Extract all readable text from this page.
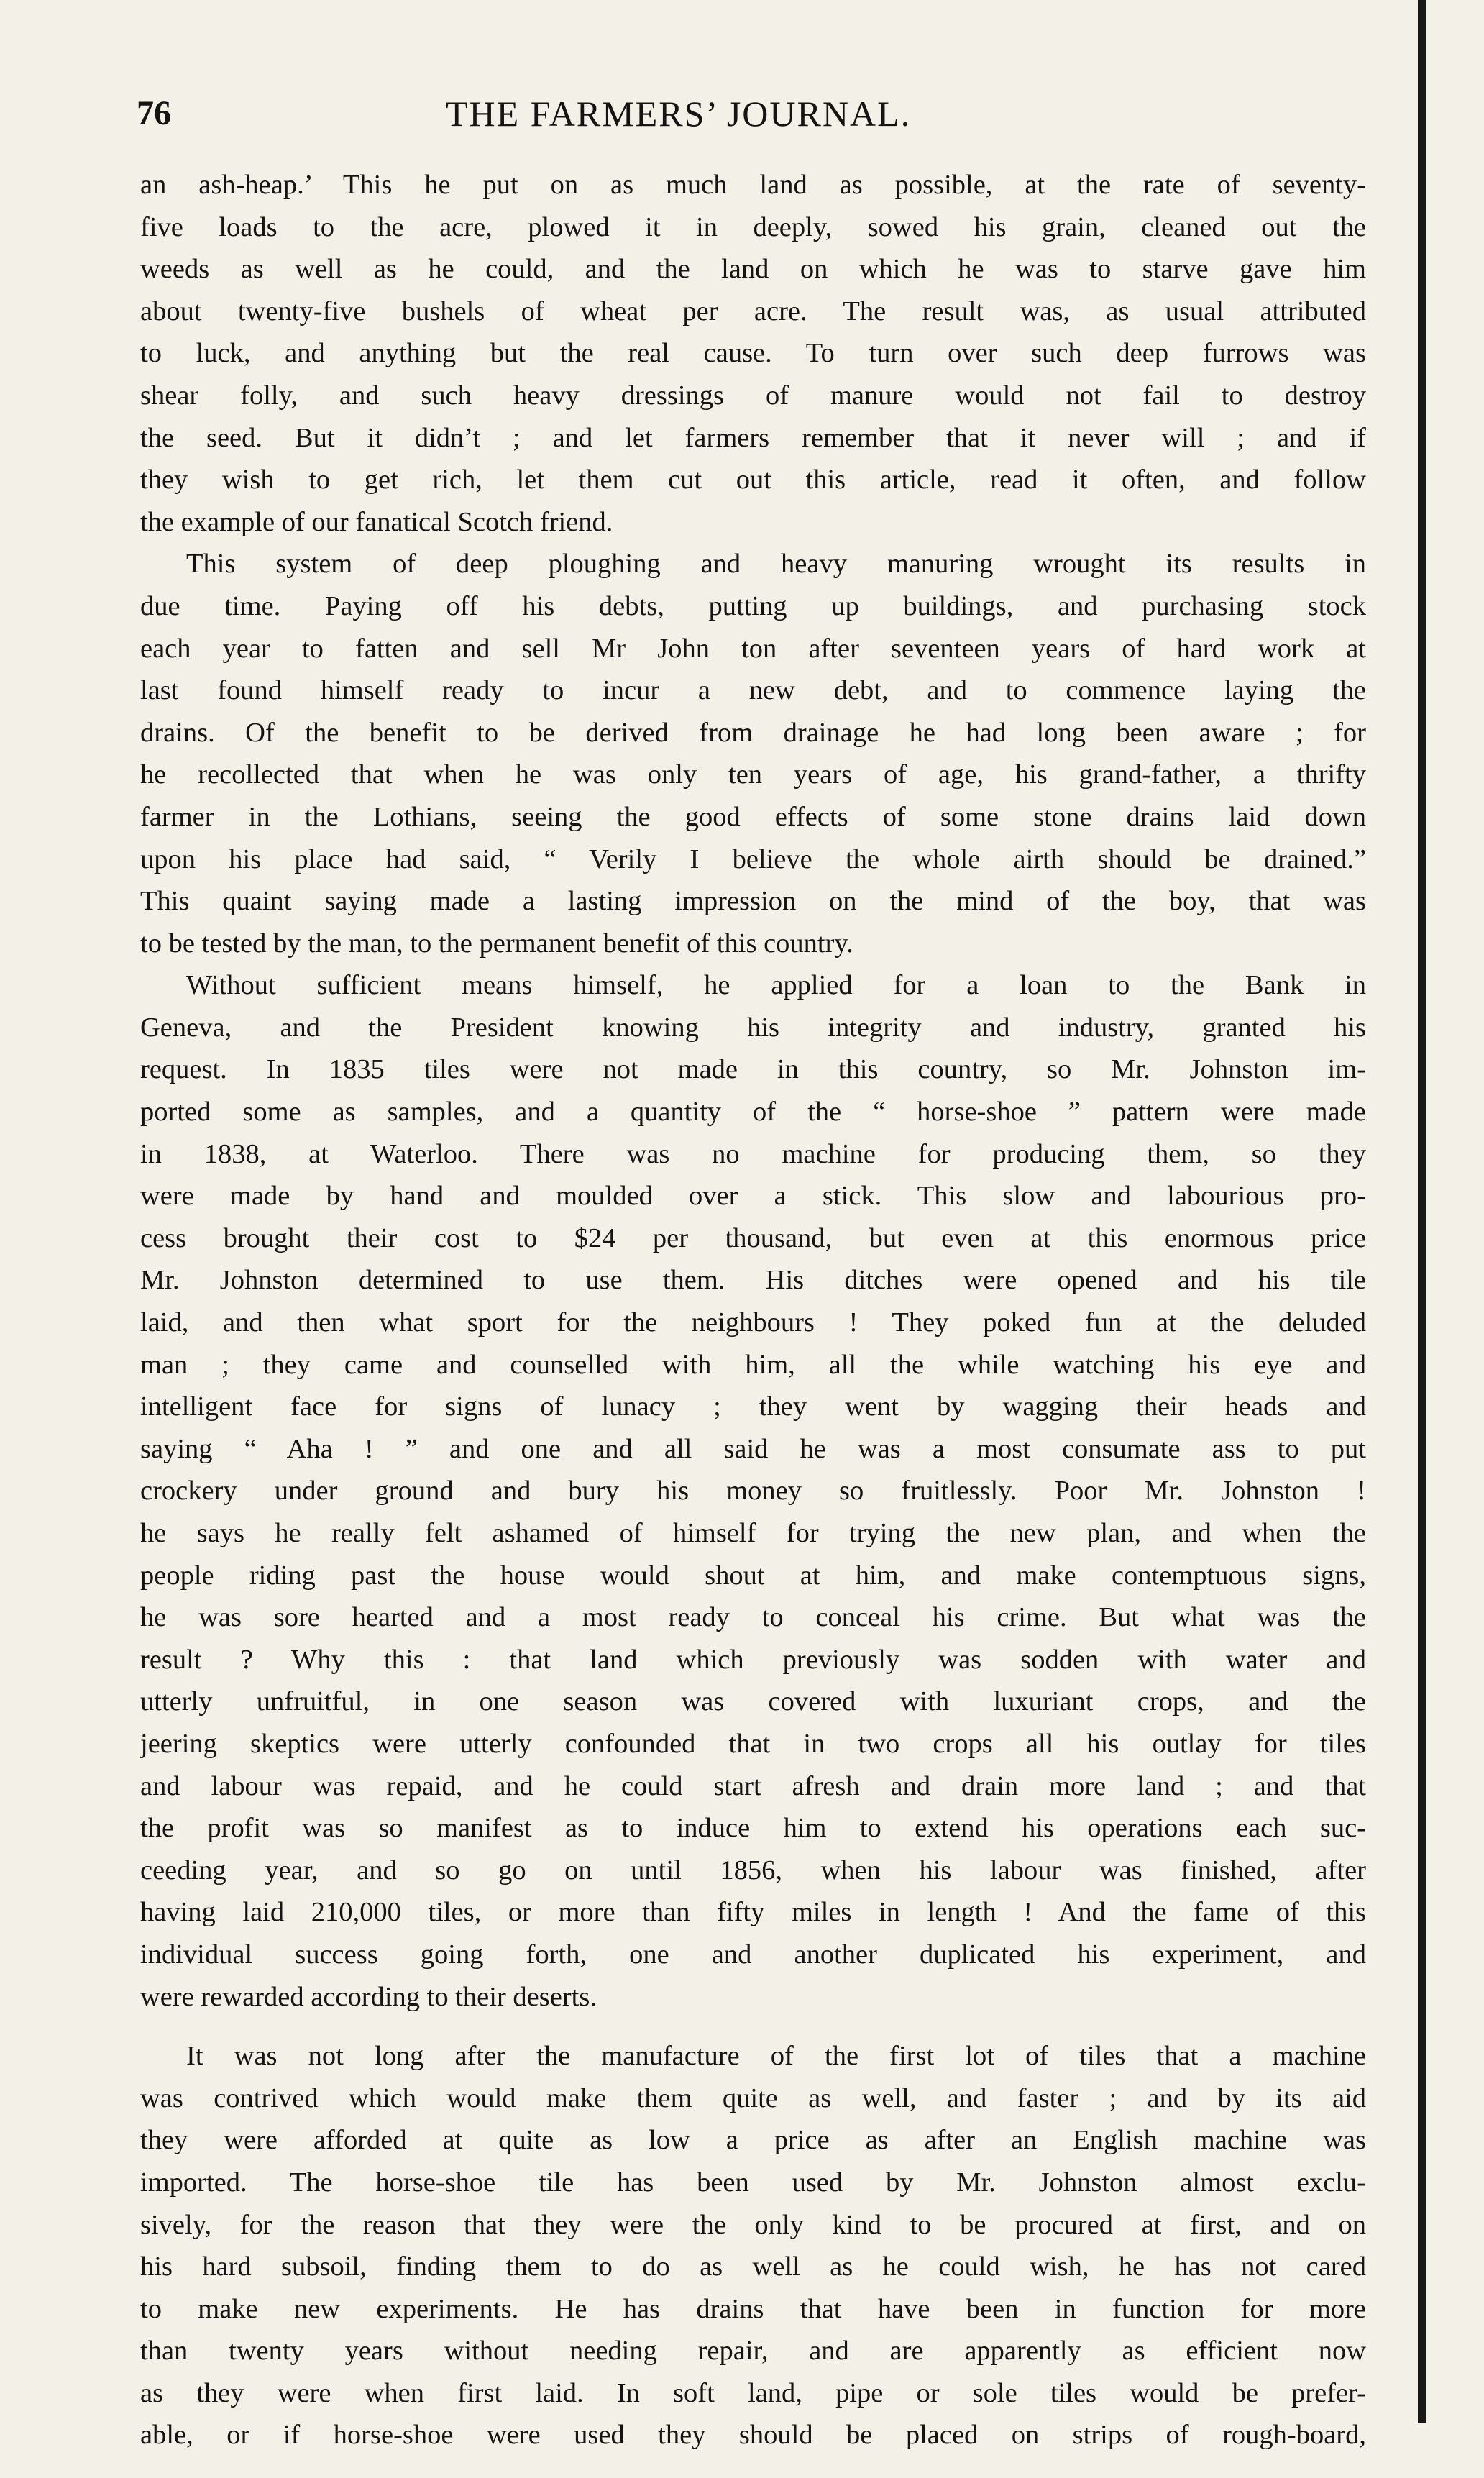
76	THE FARMERS’ JOURNAL.
an ash-heap.’ This he put on as much land as possible, at the rate of seventy-
five loads to the acre, plowed it in deeply, sowed his grain, cleaned out the
weeds as well as he could, and the land on which he was to starve gave him
about twenty-five bushels of wheat per acre. The result was, as usual attributed
to luck, and anything but the real cause. To turn over such deep furrows was
shear folly, and such heavy dressings of manure would not fail to destroy
the seed. But it didn’t ; and let farmers remember that it never will ; and if
they wish to get rich, let them cut out this article, read it often, and follow
the example of our fanatical Scotch friend.
This system of deep ploughing and heavy manuring wrought its results in
due time. Paying off his debts, putting up buildings, and purchasing stock
each year to fatten and sell Mr John ton after seventeen years of hard work at
last found himself ready to incur a new debt, and to commence laying the
drains. Of the benefit to be derived from drainage he had long been aware ; for
he recollected that when he was only ten years of age, his grand-father, a thrifty
farmer in the Lothians, seeing the good effects of some stone drains laid down
upon his place had said, “ Verily I believe the whole airth should be drained.”
This quaint saying made a lasting impression on the mind of the boy, that was
to be tested by the man, to the permanent benefit of this country.
Without sufficient means himself, he applied for a loan to the Bank in
Geneva, and the President knowing his integrity and industry, granted his
request. In 1835 tiles were not made in this country, so Mr. Johnston im-
ported some as samples, and a quantity of the “ horse-shoe ” pattern were made
in 1838, at Waterloo. There was no machine for producing them, so they
were made by hand and moulded over a stick. This slow and labourious pro-
cess brought their cost to $24 per thousand, but even at this enormous price
Mr. Johnston determined to use them. His ditches were opened and his tile
laid, and then what sport for the neighbours ! They poked fun at the deluded
man ; they came and counselled with him, all the while watching his eye and
intelligent face for signs of lunacy ; they went by wagging their heads and
saying “ Aha ! ” and one and all said he was a most consumate ass to put
crockery under ground and bury his money so fruitlessly. Poor Mr. Johnston !
he says he really felt ashamed of himself for trying the new plan, and when the
people riding past the house would shout at him, and make contemptuous signs,
he was sore hearted and a most ready to conceal his crime. But what was the
result ? Why this : that land which previously was sodden with water and
utterly unfruitful, in one season was covered with luxuriant crops, and the
jeering skeptics were utterly confounded that in two crops all his outlay for tiles
and labour was repaid, and he could start afresh and drain more land ; and that
the profit was so manifest as to induce him to extend his operations each suc-
ceeding year, and so go on until 1856, when his labour was finished, after
having laid 210,000 tiles, or more than fifty miles in length ! And the fame of this
individual success going forth, one and another duplicated his experiment, and
were rewarded according to their deserts.
It was not long after the manufacture of the first lot of tiles that a machine
was contrived which would make them quite as well, and faster ; and by its aid
they were afforded at quite as low a price as after an English machine was
imported. The horse-shoe tile has been used by Mr. Johnston almost exclu-
sively, for the reason that they were the only kind to be procured at first, and on
his hard subsoil, finding them to do as well as he could wish, he has not cared
to make new experiments. He has drains that have been in function for more
than twenty years without needing repair, and are apparently as efficient now
as they were when first laid. In soft land, pipe or sole tiles would be prefer-
able, or if horse-shoe were used they should be placed on strips of rough-board,
